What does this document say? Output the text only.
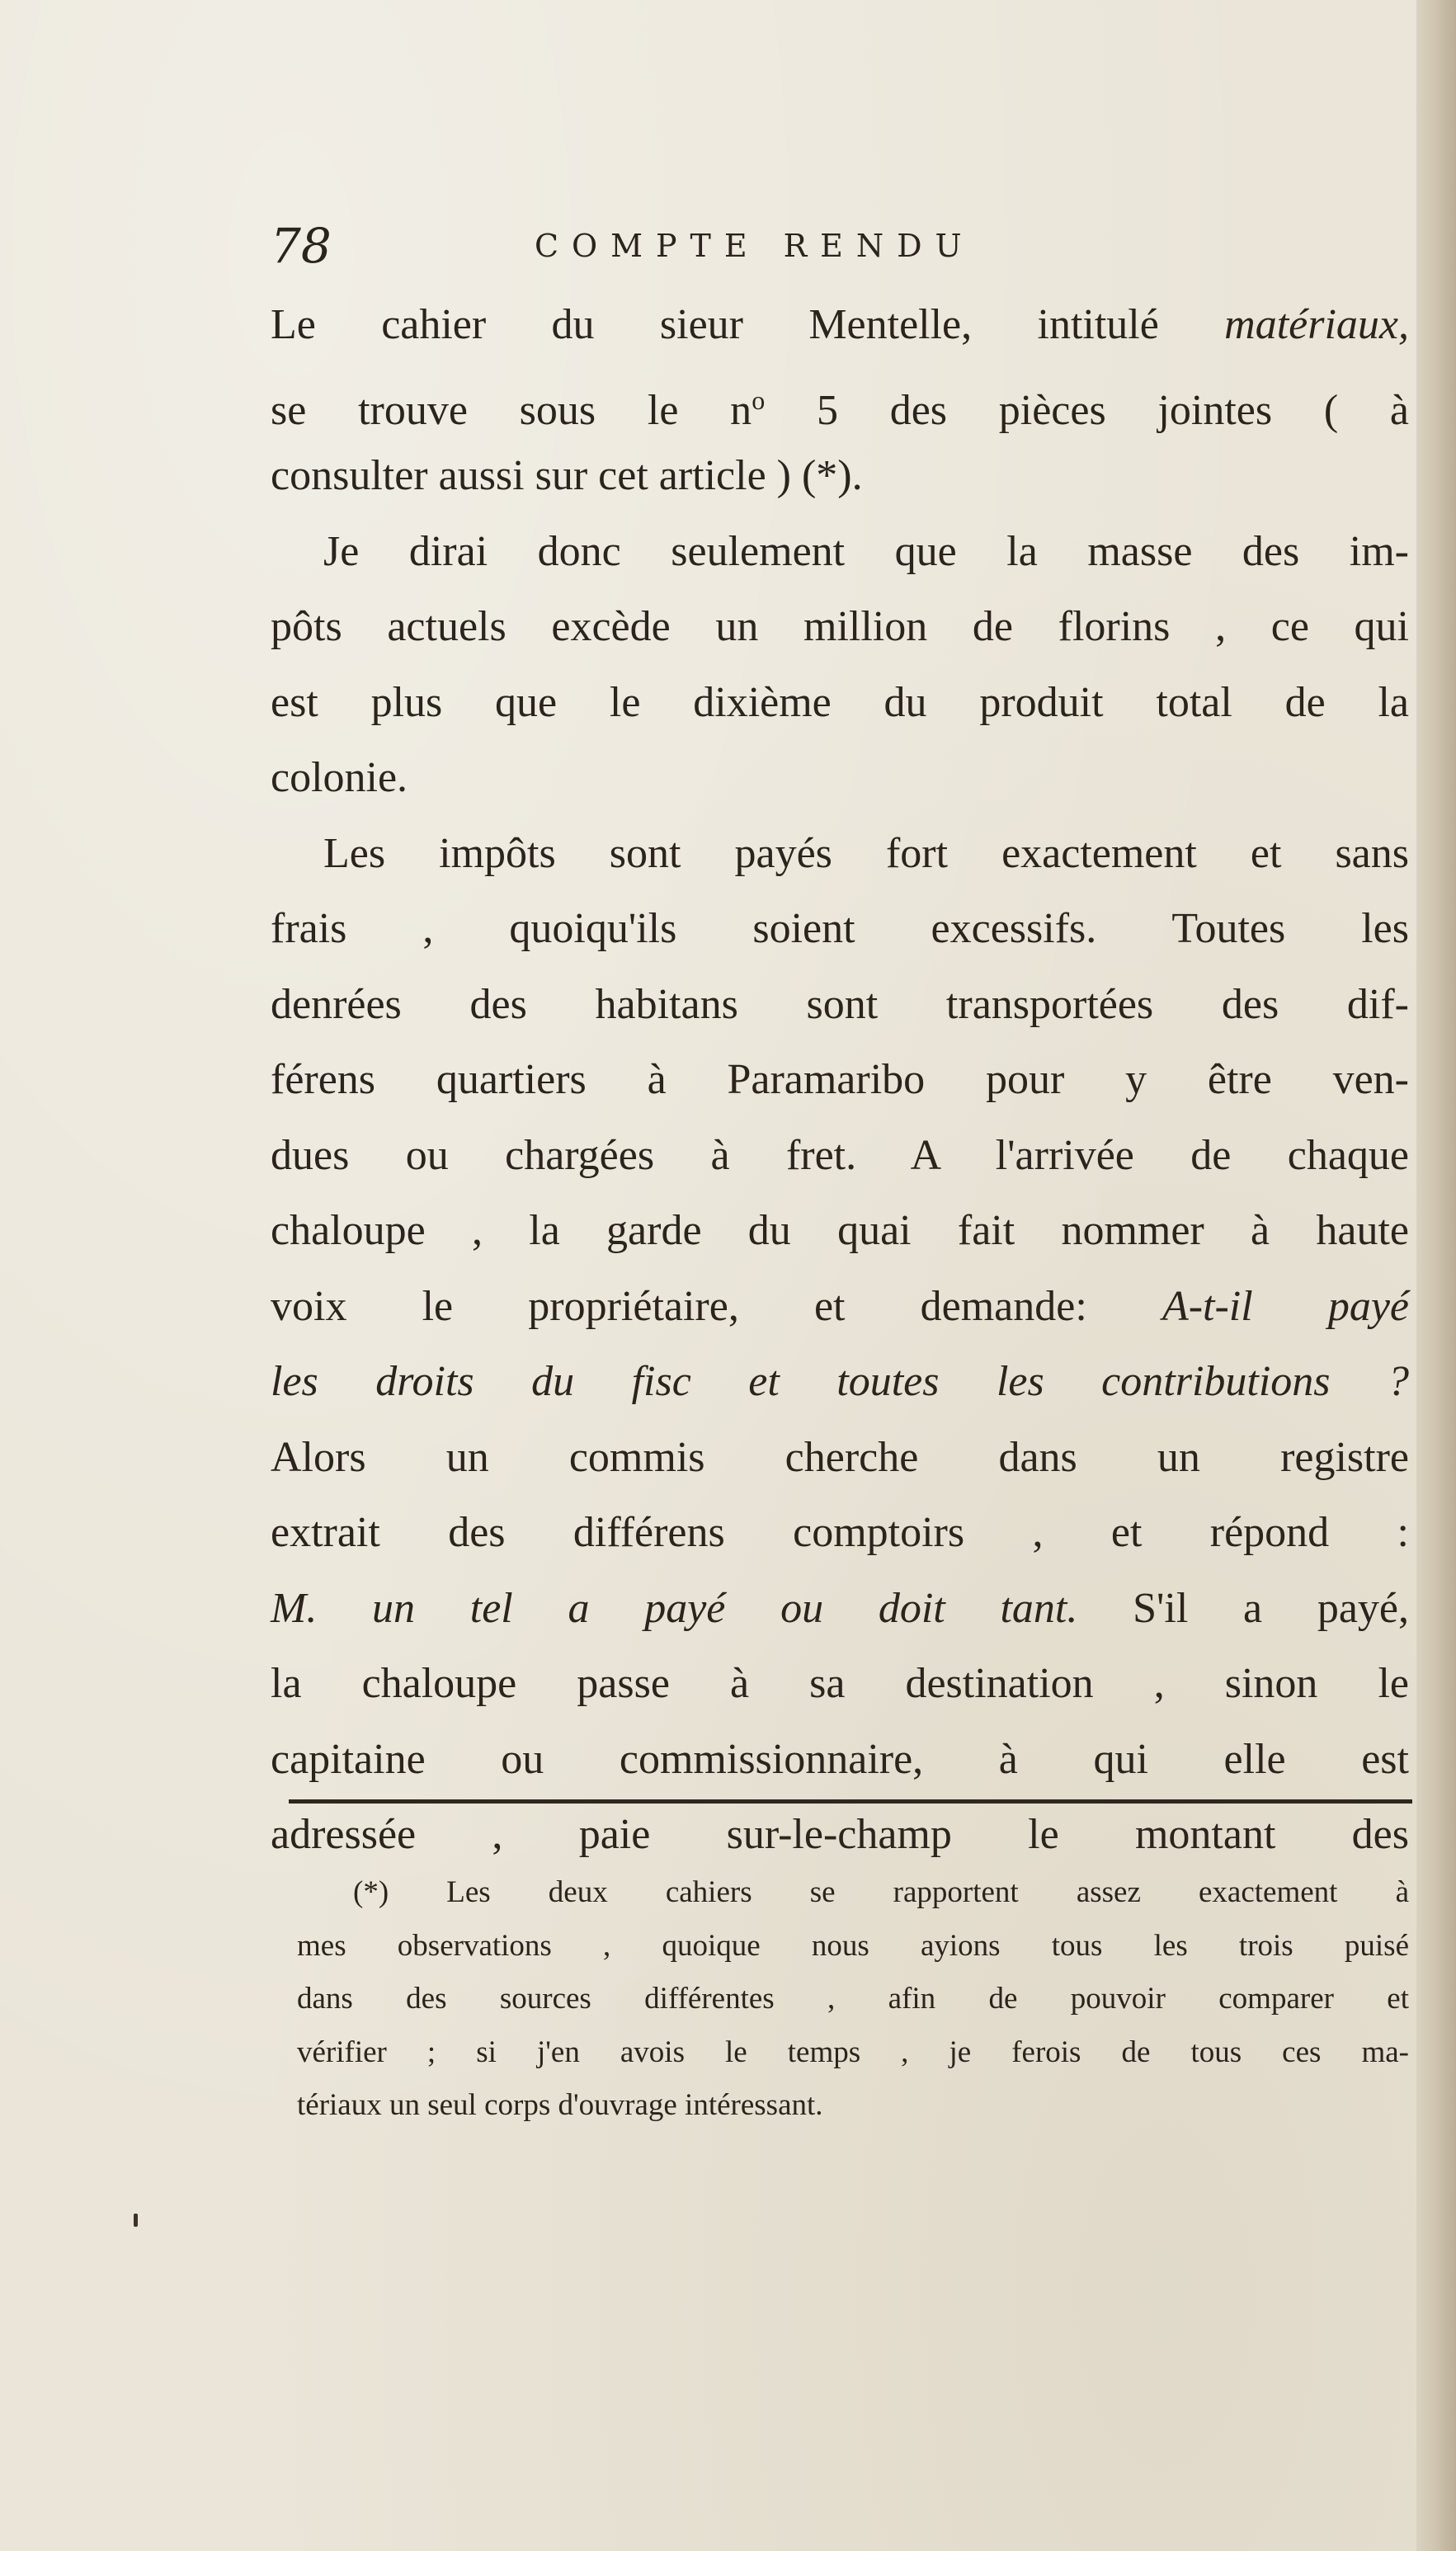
78	COMPTE RENDU
Le cahier du sieur Mentelle, intitulé matériaux,
se trouve sous le $n^o$ 5 des pièces jointes ( à
consulter aussi sur cet article ) (*).
Je dirai donc seulement que la masse des im-
pôts actuels excède un million de florins , ce qui
est plus que le dixième du produit total de la
colonie.
Les impôts sont payés fort exactement et sans
frais , quoiqu'ils soient excessifs. Toutes les
denrées des habitans sont transportées des dif-
férens quartiers à Paramaribo pour y être ven-
dues ou chargées à fret. A l'arrivée de chaque
chaloupe , la garde du quai fait nommer à haute
voix le propriétaire, et demande: A-t-il payé
les droits du fisc et toutes les contributions ?
Alors un commis cherche dans un registre
extrait des différens comptoirs , et répond :
M. un tel a payé ou doit tant. S'il a payé,
la chaloupe passe à sa destination , sinon le
capitaine ou commissionnaire, à qui elle est
adressée , paie sur-le-champ le montant des
(*) Les deux cahiers se rapportent assez exactement à
mes observations , quoique nous ayions tous les trois puisé
dans des sources différentes , afin de pouvoir comparer et
vérifier ; si j'en avois le temps , je ferois de tous ces ma-
tériaux un seul corps d'ouvrage intéressant.
